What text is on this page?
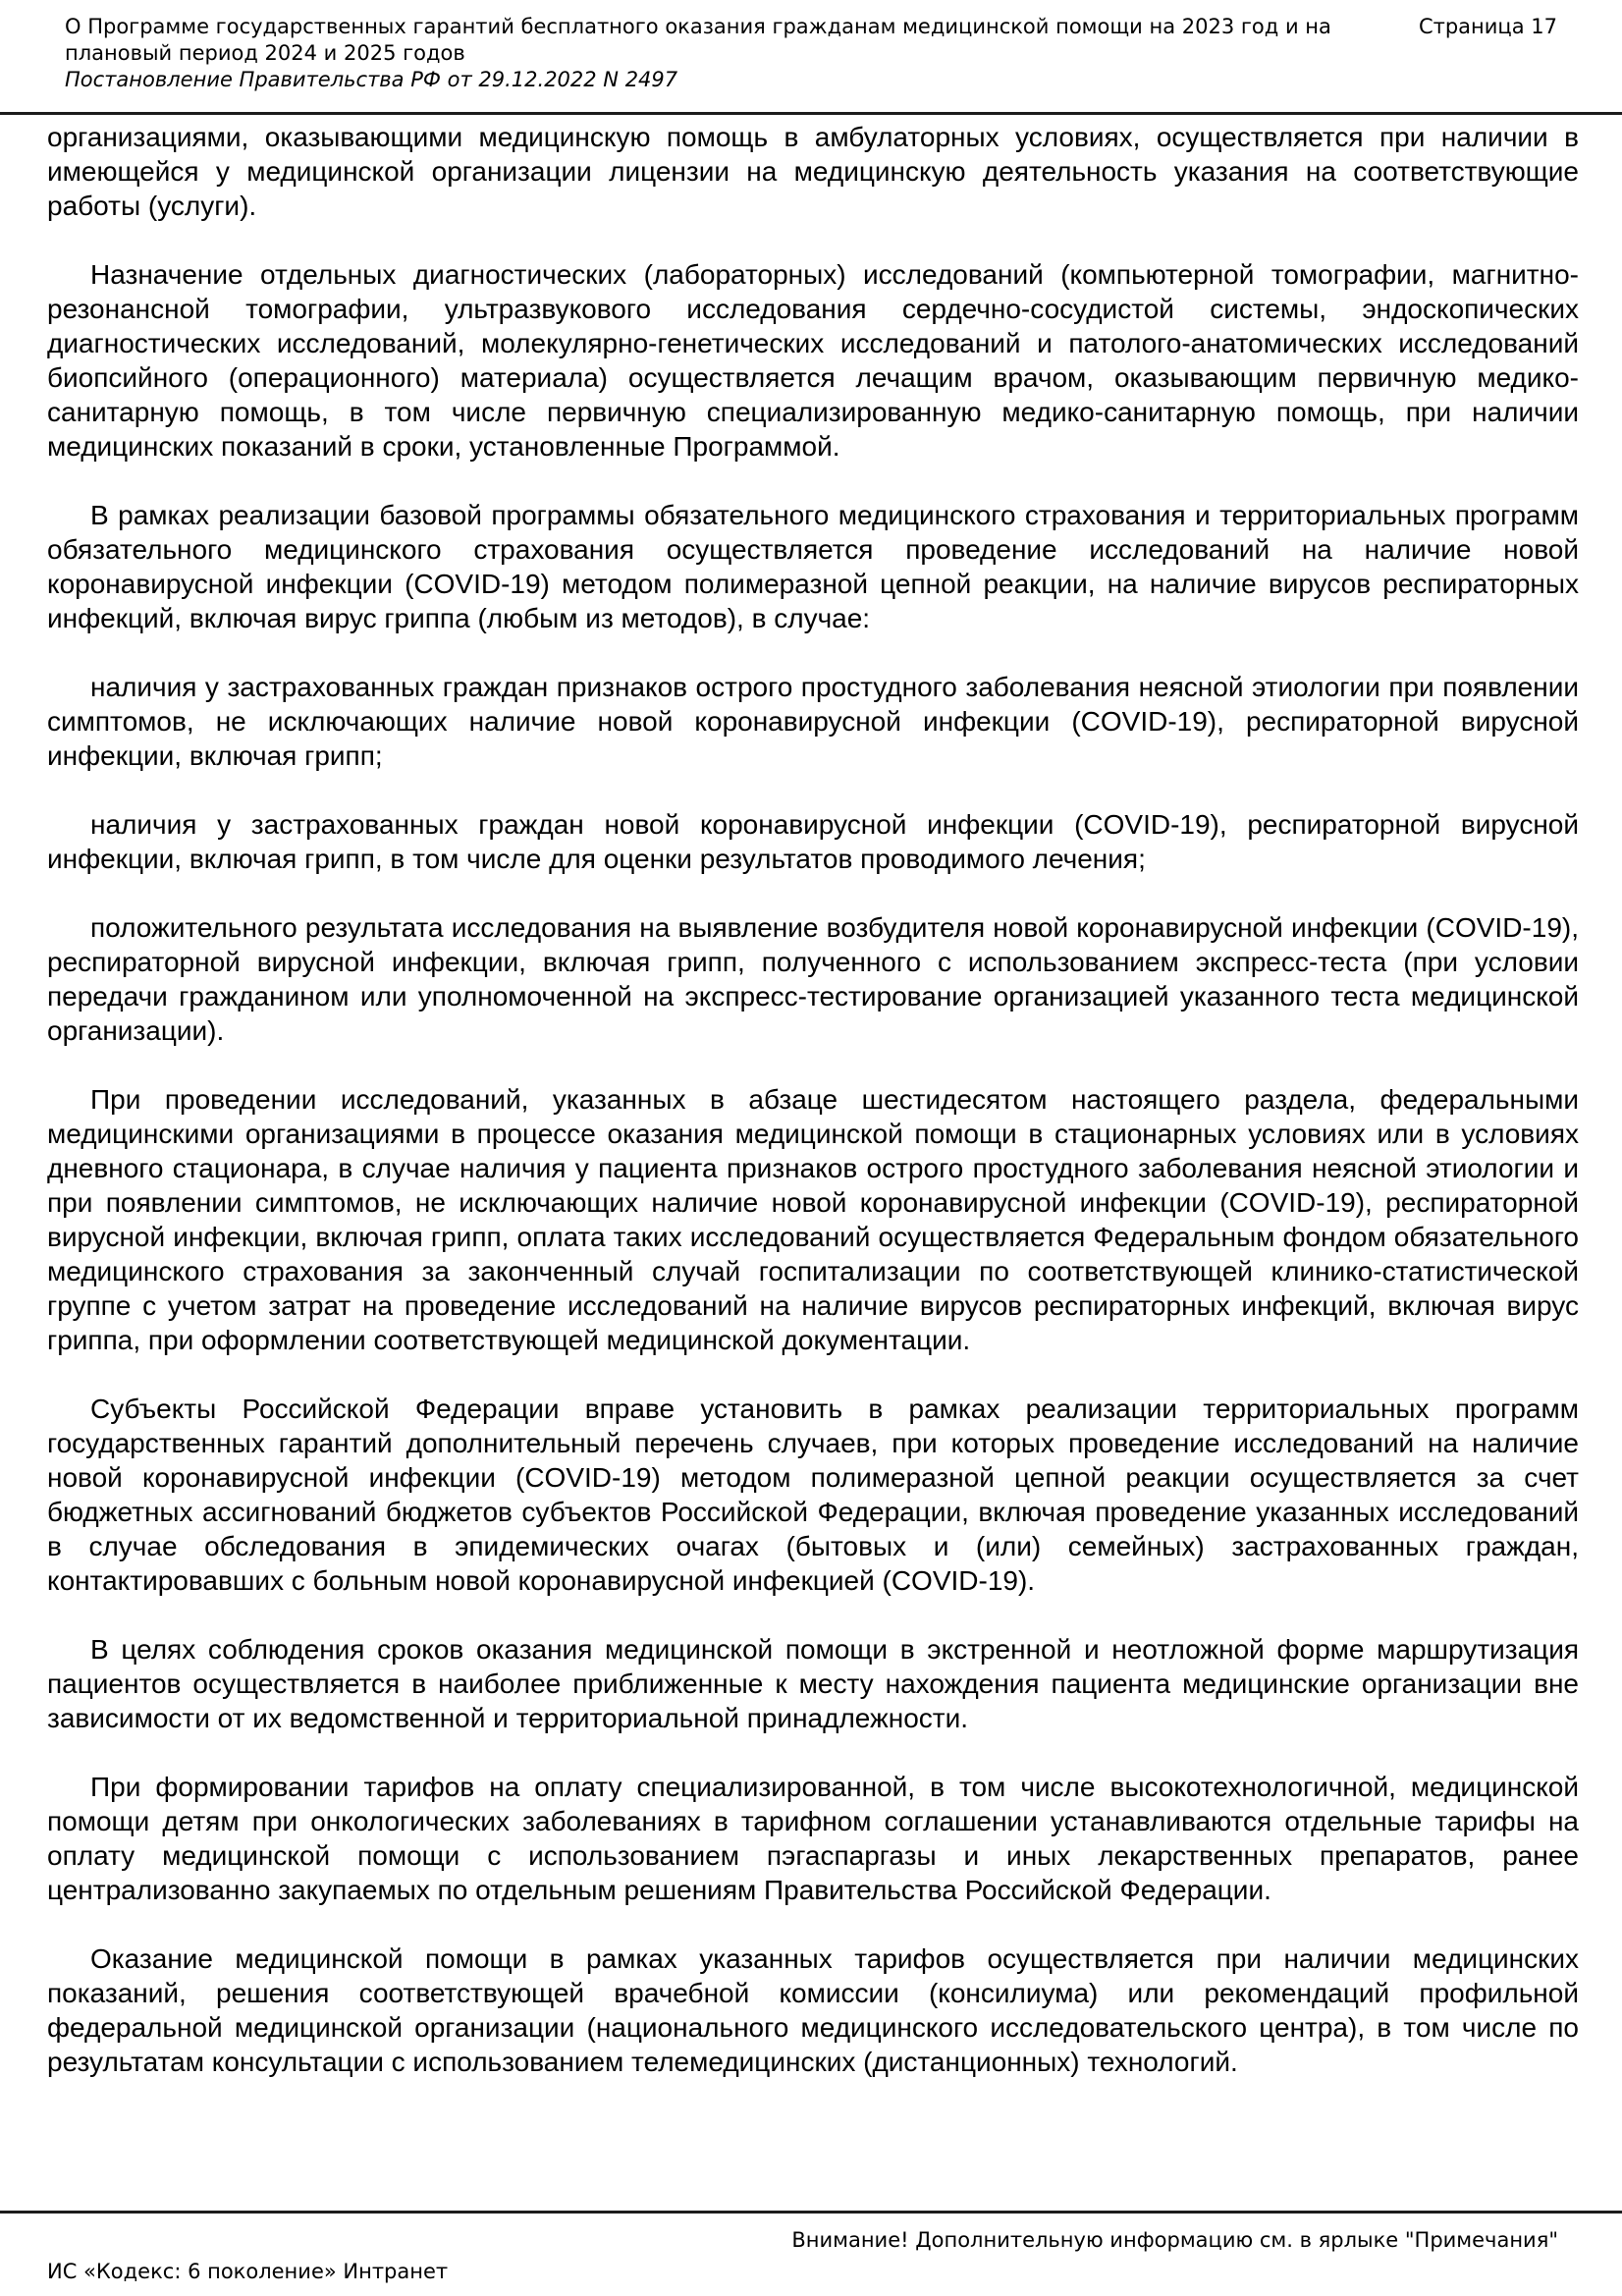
О Программе государственных гарантий бесплатного оказания гражданам медицинской помощи на 2023 год и на плановый период 2024 и 2025 годов
Постановление Правительства РФ от 29.12.2022 N 2497
Страница 17

организациями, оказывающими медицинскую помощь в амбулаторных условиях, осуществляется при наличии в имеющейся у медицинской организации лицензии на медицинскую деятельность указания на соответствующие работы (услуги).

Назначение отдельных диагностических (лабораторных) исследований (компьютерной томографии, магнитно-резонансной томографии, ультразвукового исследования сердечно-сосудистой системы, эндоскопических диагностических исследований, молекулярно-генетических исследований и патолого-анатомических исследований биопсийного (операционного) материала) осуществляется лечащим врачом, оказывающим первичную медико-санитарную помощь, в том числе первичную специализированную медико-санитарную помощь, при наличии медицинских показаний в сроки, установленные Программой.

В рамках реализации базовой программы обязательного медицинского страхования и территориальных программ обязательного медицинского страхования осуществляется проведение исследований на наличие новой коронавирусной инфекции (COVID-19) методом полимеразной цепной реакции, на наличие вирусов респираторных инфекций, включая вирус гриппа (любым из методов), в случае:

наличия у застрахованных граждан признаков острого простудного заболевания неясной этиологии при появлении симптомов, не исключающих наличие новой коронавирусной инфекции (COVID-19), респираторной вирусной инфекции, включая грипп;

наличия у застрахованных граждан новой коронавирусной инфекции (COVID-19), респираторной вирусной инфекции, включая грипп, в том числе для оценки результатов проводимого лечения;

положительного результата исследования на выявление возбудителя новой коронавирусной инфекции (COVID-19), респираторной вирусной инфекции, включая грипп, полученного с использованием экспресс-теста (при условии передачи гражданином или уполномоченной на экспресс-тестирование организацией указанного теста медицинской организации).

При проведении исследований, указанных в абзаце шестидесятом настоящего раздела, федеральными медицинскими организациями в процессе оказания медицинской помощи в стационарных условиях или в условиях дневного стационара, в случае наличия у пациента признаков острого простудного заболевания неясной этиологии и при появлении симптомов, не исключающих наличие новой коронавирусной инфекции (COVID-19), респираторной вирусной инфекции, включая грипп, оплата таких исследований осуществляется Федеральным фондом обязательного медицинского страхования за законченный случай госпитализации по соответствующей клинико-статистической группе с учетом затрат на проведение исследований на наличие вирусов респираторных инфекций, включая вирус гриппа, при оформлении соответствующей медицинской документации.

Субъекты Российской Федерации вправе установить в рамках реализации территориальных программ государственных гарантий дополнительный перечень случаев, при которых проведение исследований на наличие новой коронавирусной инфекции (COVID-19) методом полимеразной цепной реакции осуществляется за счет бюджетных ассигнований бюджетов субъектов Российской Федерации, включая проведение указанных исследований в случае обследования в эпидемических очагах (бытовых и (или) семейных) застрахованных граждан, контактировавших с больным новой коронавирусной инфекцией (COVID-19).

В целях соблюдения сроков оказания медицинской помощи в экстренной и неотложной форме маршрутизация пациентов осуществляется в наиболее приближенные к месту нахождения пациента медицинские организации вне зависимости от их ведомственной и территориальной принадлежности.

При формировании тарифов на оплату специализированной, в том числе высокотехнологичной, медицинской помощи детям при онкологических заболеваниях в тарифном соглашении устанавливаются отдельные тарифы на оплату медицинской помощи с использованием пэгаспаргазы и иных лекарственных препаратов, ранее централизованно закупаемых по отдельным решениям Правительства Российской Федерации.

Оказание медицинской помощи в рамках указанных тарифов осуществляется при наличии медицинских показаний, решения соответствующей врачебной комиссии (консилиума) или рекомендаций профильной федеральной медицинской организации (национального медицинского исследовательского центра), в том числе по результатам консультации с использованием телемедицинских (дистанционных) технологий.

Внимание! Дополнительную информацию см. в ярлыке "Примечания"
ИС «Кодекс: 6 поколение» Интранет
